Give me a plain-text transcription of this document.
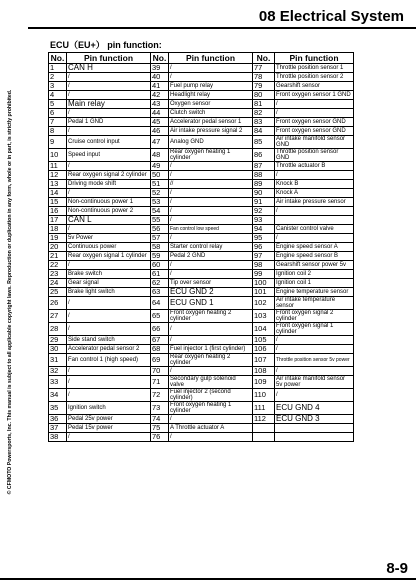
08 Electrical System
© CFMOTO Powersports, Inc. This manual is subject to all applicable copyright laws. Reproduction or duplication in any form, whole or in part, is strictly prohibited.
ECU（EU+） pin function:
No.	Pin function	No.	Pin function	No.	Pin function
1	CAN H	39	/	77	Throttle position sensor 1
2	/	40	/	78	Throttle position sensor 2
3	/	41	Fuel pump relay	79	Gearshift sensor
4	/	42	Headlight relay	80	Front oxygen sensor 1 GND
5	Main relay	43	Oxygen sensor	81	/
6	/	44	Clutch switch	82	/
7	Pedal 1 GND	45	Accelerator pedal sensor 1	83	Front oxygen sensor GND
8	/	46	Air intake pressure signal 2	84	Front oxygen sensor GND
9	Cruise control input	47	Analog GND	85	Air intake manifold sensor GND
10	Speed input	48	Rear oxygen heating 1 cylinder	86	Throttle position sensor GND
11	/	49	/	87	Throttle actuator B
12	Rear oxygen signal 2 cylinder	50	/	88	/
13	Driving mode shift	51	//	89	Knock B
14	/	52	/	90	Knock A
15	Non-continuous power 1	53	/	91	Air intake pressure sensor
16	Non-continuous power 2	54	/	92	/
17	CAN L	55	/	93	
18	/	56	Fan control low speed	94	Canister control valve
19	5v Power	57	/	95	/
20	Continuous power	58	Starter control relay	96	Engine speed sensor A
21	Rear oxygen signal 1 cylinder	59	Pedal 2 GND	97	Engine speed sensor B
22	/	60	/	98	Gearshift sensor power 5v
23	Brake switch	61	/	99	Ignition coil 2
24	Gear signal	62	Tip over sensor	100	Ignition coil 1
25	Brake light switch	63	ECU GND 2	101	Engine temperature sensor
26	/	64	ECU GND 1	102	Air intake temperature sensor
27	/	65	Front oxygen heating 2 cylinder	103	Front oxygen signal 2 cylinder
28	/	66	/	104	Front oxygen signal 1 cylinder
29	Side stand switch	67	/	105	/
30	Accelerator pedal sensor 2	68	Fuel injector 1 (first cylinder)	106	/
31	Fan control 1 (high speed)	69	Rear oxygen heating 2 cylinder	107	Throttle position sensor 5v power
32	/	70	/	108	/
33	/	71	Secondary gulp solenoid valve	109	Air intake manifold sensor 5v power
34	/	72	Fuel injector 2 (second cylinder)	110	/
35	Ignition switch	73	Front oxygen heating 1 cylinder	111	ECU GND 4
36	Pedal 25v power	74	/	112	ECU GND 3
37	Pedal 15v power	75	A Throttle actuator A		
38	/	76	/		
8-9
